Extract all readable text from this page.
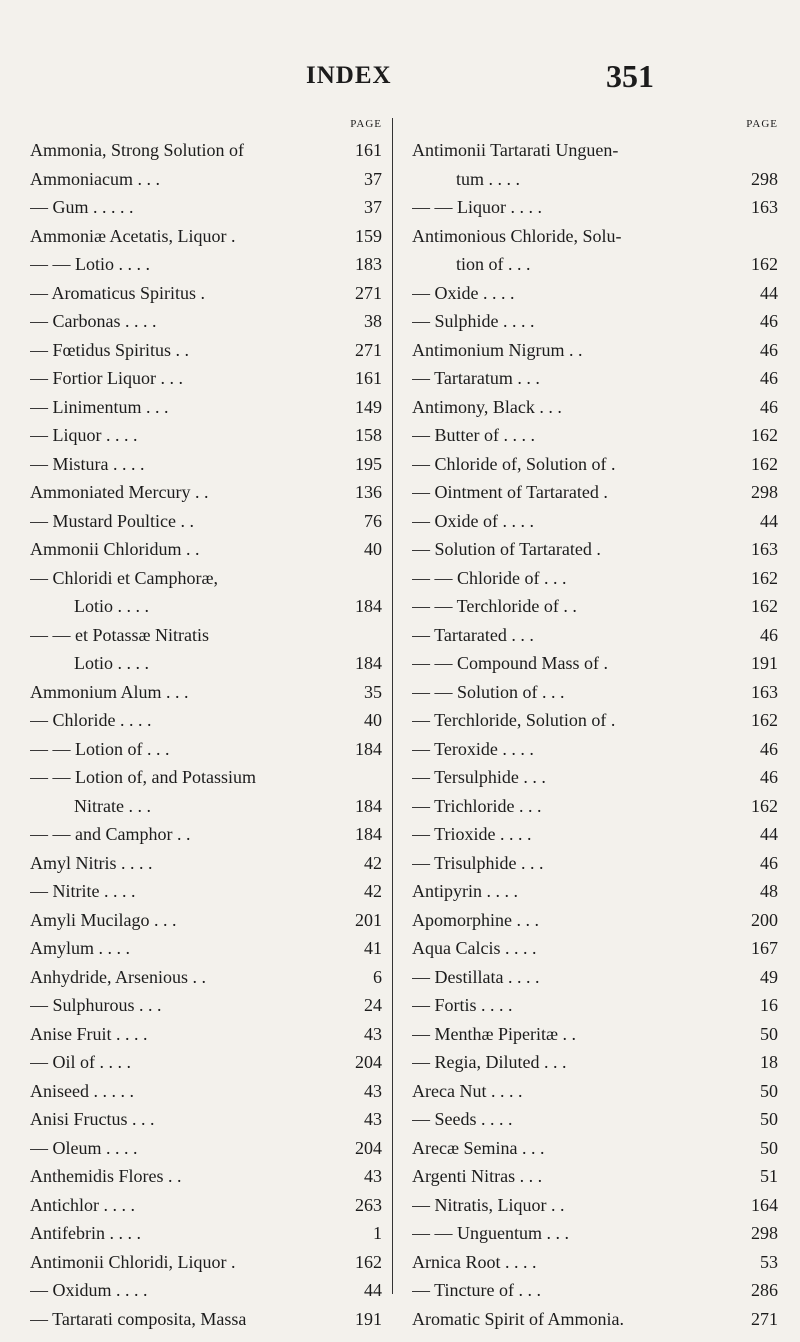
INDEX	351
PAGE
Ammonia, Strong Solution of	161
Ammoniacum . . .	37
— Gum . . . . .	37
Ammoniæ Acetatis, Liquor .	159
— — Lotio . . . .	183
— Aromaticus Spiritus .	271
— Carbonas . . . .	38
— Fœtidus Spiritus . .	271
— Fortior Liquor . . .	161
— Linimentum . . .	149
— Liquor . . . .	158
— Mistura . . . .	195
Ammoniated Mercury . .	136
— Mustard Poultice . .	76
Ammonii Chloridum . .	40
— Chloridi et Camphoræ,
Lotio . . . .	184
— — et Potassæ Nitratis
Lotio . . . .	184
Ammonium Alum . . .	35
— Chloride . . . .	40
— — Lotion of . . .	184
— — Lotion of, and Potassium
Nitrate . . .	184
— — and Camphor . .	184
Amyl Nitris . . . .	42
— Nitrite . . . .	42
Amyli Mucilago . . .	201
Amylum . . . .	41
Anhydride, Arsenious . .	6
— Sulphurous . . .	24
Anise Fruit . . . .	43
— Oil of . . . .	204
Aniseed . . . . .	43
Anisi Fructus . . .	43
— Oleum . . . .	204
Anthemidis Flores . .	43
Antichlor . . . .	263
Antifebrin . . . .	1
Antimonii Chloridi, Liquor .	162
— Oxidum . . . .	44
— Tartarati composita, Massa	191
PAGE
Antimonii Tartarati Unguen-
tum . . . .	298
— — Liquor . . . .	163
Antimonious Chloride, Solu-
tion of . . .	162
— Oxide . . . .	44
— Sulphide . . . .	46
Antimonium Nigrum . .	46
— Tartaratum . . .	46
Antimony, Black . . .	46
— Butter of . . . .	162
— Chloride of, Solution of .	162
— Ointment of Tartarated .	298
— Oxide of . . . .	44
— Solution of Tartarated .	163
— — Chloride of . . .	162
— — Terchloride of . .	162
— Tartarated . . .	46
— — Compound Mass of .	191
— — Solution of . . .	163
— Terchloride, Solution of .	162
— Teroxide . . . .	46
— Tersulphide . . .	46
— Trichloride . . .	162
— Trioxide . . . .	44
— Trisulphide . . .	46
Antipyrin . . . .	48
Apomorphine . . .	200
Aqua Calcis . . . .	167
— Destillata . . . .	49
— Fortis . . . .	16
— Menthæ Piperitæ . .	50
— Regia, Diluted . . .	18
Areca Nut . . . .	50
— Seeds . . . .	50
Arecæ Semina . . .	50
Argenti Nitras . . .	51
— Nitratis, Liquor . .	164
— — Unguentum . . .	298
Arnica Root . . . .	53
— Tincture of . . .	286
Aromatic Spirit of Ammonia.	271
